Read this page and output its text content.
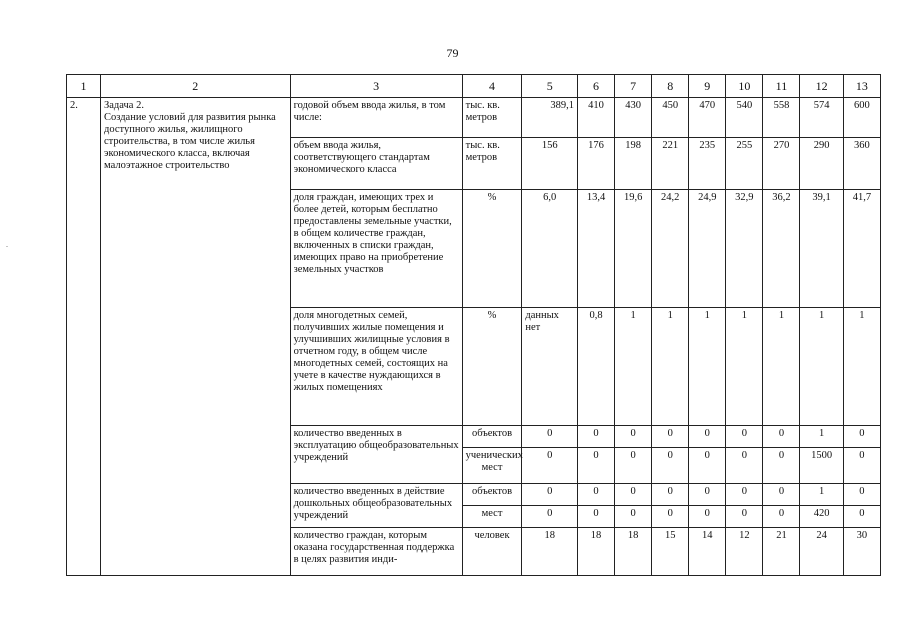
79
.
1	2	3	4	5	6	7	8	9	10	11	12	13
2.	Задача 2.
Создание условий для развития рынка доступного жилья, жилищного строительства, в том числе жилья экономического класса, включая малоэтажное строительство	годовой объем ввода жилья, в том числе:	тыс. кв. метров	389,1	410	430	450	470	540	558	574	600
		объем ввода жилья, соответствующего стандартам экономического класса	тыс. кв. метров	156	176	198	221	235	255	270	290	360
		доля граждан, имеющих трех и более детей, которым бесплатно предоставлены земельные участки, в общем количестве граждан, включенных в списки граждан, имеющих право на приобретение земельных участков	%	6,0	13,4	19,6	24,2	24,9	32,9	36,2	39,1	41,7
		доля многодетных семей, получивших жилые помещения и улучшивших жилищные условия в отчетном году, в общем числе многодетных семей, состоящих на учете в качестве нуждающихся в жилых помещениях	%	данных нет	0,8	1	1	1	1	1	1	1
		количество введенных в эксплуатацию общеобразовательных учреждений	объектов	0	0	0	0	0	0	0	1	0
			ученических мест	0	0	0	0	0	0	0	1500	0
		количество введенных в действие дошкольных общеобразовательных учреждений	объектов	0	0	0	0	0	0	0	1	0
			мест	0	0	0	0	0	0	0	420	0
		количество граждан, которым оказана государственная поддержка в целях развития инди-	человек	18	18	18	15	14	12	21	24	30
